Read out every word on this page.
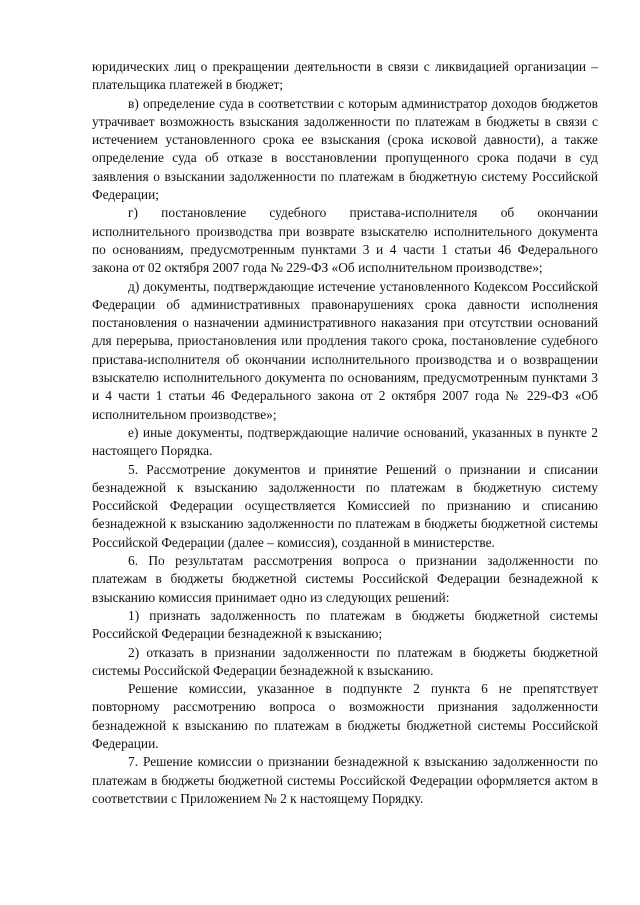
юридических лиц о прекращении деятельности в связи с ликвидацией организации – плательщика платежей в бюджет;

в) определение суда в соответствии с которым администратор доходов бюджетов утрачивает возможность взыскания задолженности по платежам в бюджеты в связи с истечением установленного срока ее взыскания (срока исковой давности), а также определение суда об отказе в восстановлении пропущенного срока подачи в суд заявления о взыскании задолженности по платежам в бюджетную систему Российской Федерации;

г) постановление судебного пристава-исполнителя об окончании исполнительного производства при возврате взыскателю исполнительного документа по основаниям, предусмотренным пунктами 3 и 4 части 1 статьи 46 Федерального закона от 02 октября 2007 года № 229-ФЗ «Об исполнительном производстве»;

д) документы, подтверждающие истечение установленного Кодексом Российской Федерации об административных правонарушениях срока давности исполнения постановления о назначении административного наказания при отсутствии оснований для перерыва, приостановления или продления такого срока, постановление судебного пристава-исполнителя об окончании исполнительного производства и о возвращении взыскателю исполнительного документа по основаниям, предусмотренным пунктами 3 и 4 части 1 статьи 46 Федерального закона от 2 октября 2007 года № 229-ФЗ «Об исполнительном производстве»;

е) иные документы, подтверждающие наличие оснований, указанных в пункте 2 настоящего Порядка.

5. Рассмотрение документов и принятие Решений о признании и списании безнадежной к взысканию задолженности по платежам в бюджетную систему Российской Федерации осуществляется Комиссией по признанию и списанию безнадежной к взысканию задолженности по платежам в бюджеты бюджетной системы Российской Федерации (далее – комиссия), созданной в министерстве.

6. По результатам рассмотрения вопроса о признании задолженности по платежам в бюджеты бюджетной системы Российской Федерации безнадежной к взысканию комиссия принимает одно из следующих решений:

1) признать задолженность по платежам в бюджеты бюджетной системы Российской Федерации безнадежной к взысканию;

2) отказать в признании задолженности по платежам в бюджеты бюджетной системы Российской Федерации безнадежной к взысканию.

Решение комиссии, указанное в подпункте 2 пункта 6 не препятствует повторному рассмотрению вопроса о возможности признания задолженности безнадежной к взысканию по платежам в бюджеты бюджетной системы Российской Федерации.

7. Решение комиссии о признании безнадежной к взысканию задолженности по платежам в бюджеты бюджетной системы Российской Федерации оформляется актом в соответствии с Приложением № 2 к настоящему Порядку.
